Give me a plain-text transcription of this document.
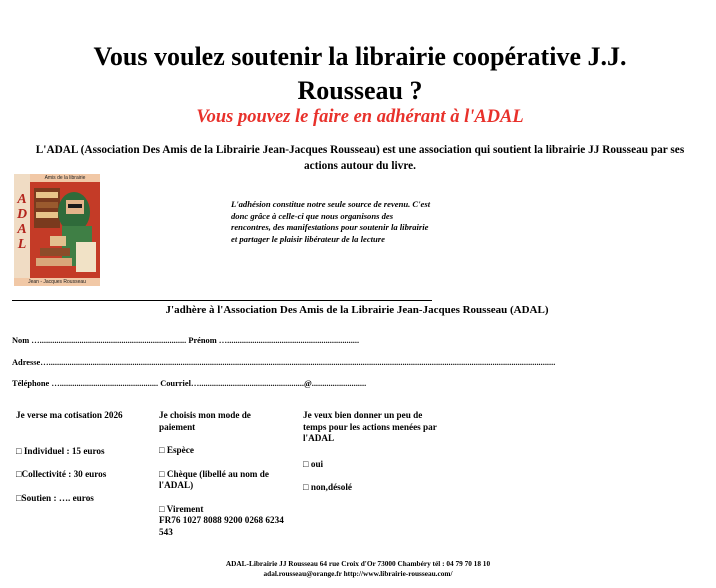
Vous voulez soutenir la librairie coopérative J.J. Rousseau ?
Vous pouvez le faire en adhérant à l'ADAL
L'ADAL (Association Des Amis de la Librairie Jean-Jacques Rousseau) est une association qui soutient la librairie JJ Rousseau par ses actions autour du livre.
A
D
A
L
Amis de la librairie
Jean - Jacques Rousseau
L'adhésion constitue notre seule source de revenu. C'est donc grâce à celle-ci que nous organisons des rencontres, des manifestations pour soutenir la librairie et partager le plaisir libérateur de la lecture
J'adhère à l'Association Des Amis de la Librairie Jean-Jacques Rousseau (ADAL)
Nom …...................................................................... Prénom …...............................................................
Adresse…..................................................................................................................................................................................................................................................
Téléphone …............................................... Courriel…..................................................@..........................

Je verse ma cotisation 2026

□ Individuel : 15 euros

□Collectivité : 30 euros

□Soutien : …. euros

Je choisis mon mode de paiement

□ Espèce

□ Chèque (libellé au nom de l'ADAL)

□ Virement

FR76 1027 8088 9200 0268 6234 543

Je veux bien donner un peu de temps pour les actions menées par l'ADAL

□ oui

□ non,désolé

ADAL-Librairie JJ Rousseau 64 rue Croix d'Or 73000 Chambéry tél : 04 79 70 18 10
adal.rousseau@orange.fr http://www.librairie-rousseau.com/
